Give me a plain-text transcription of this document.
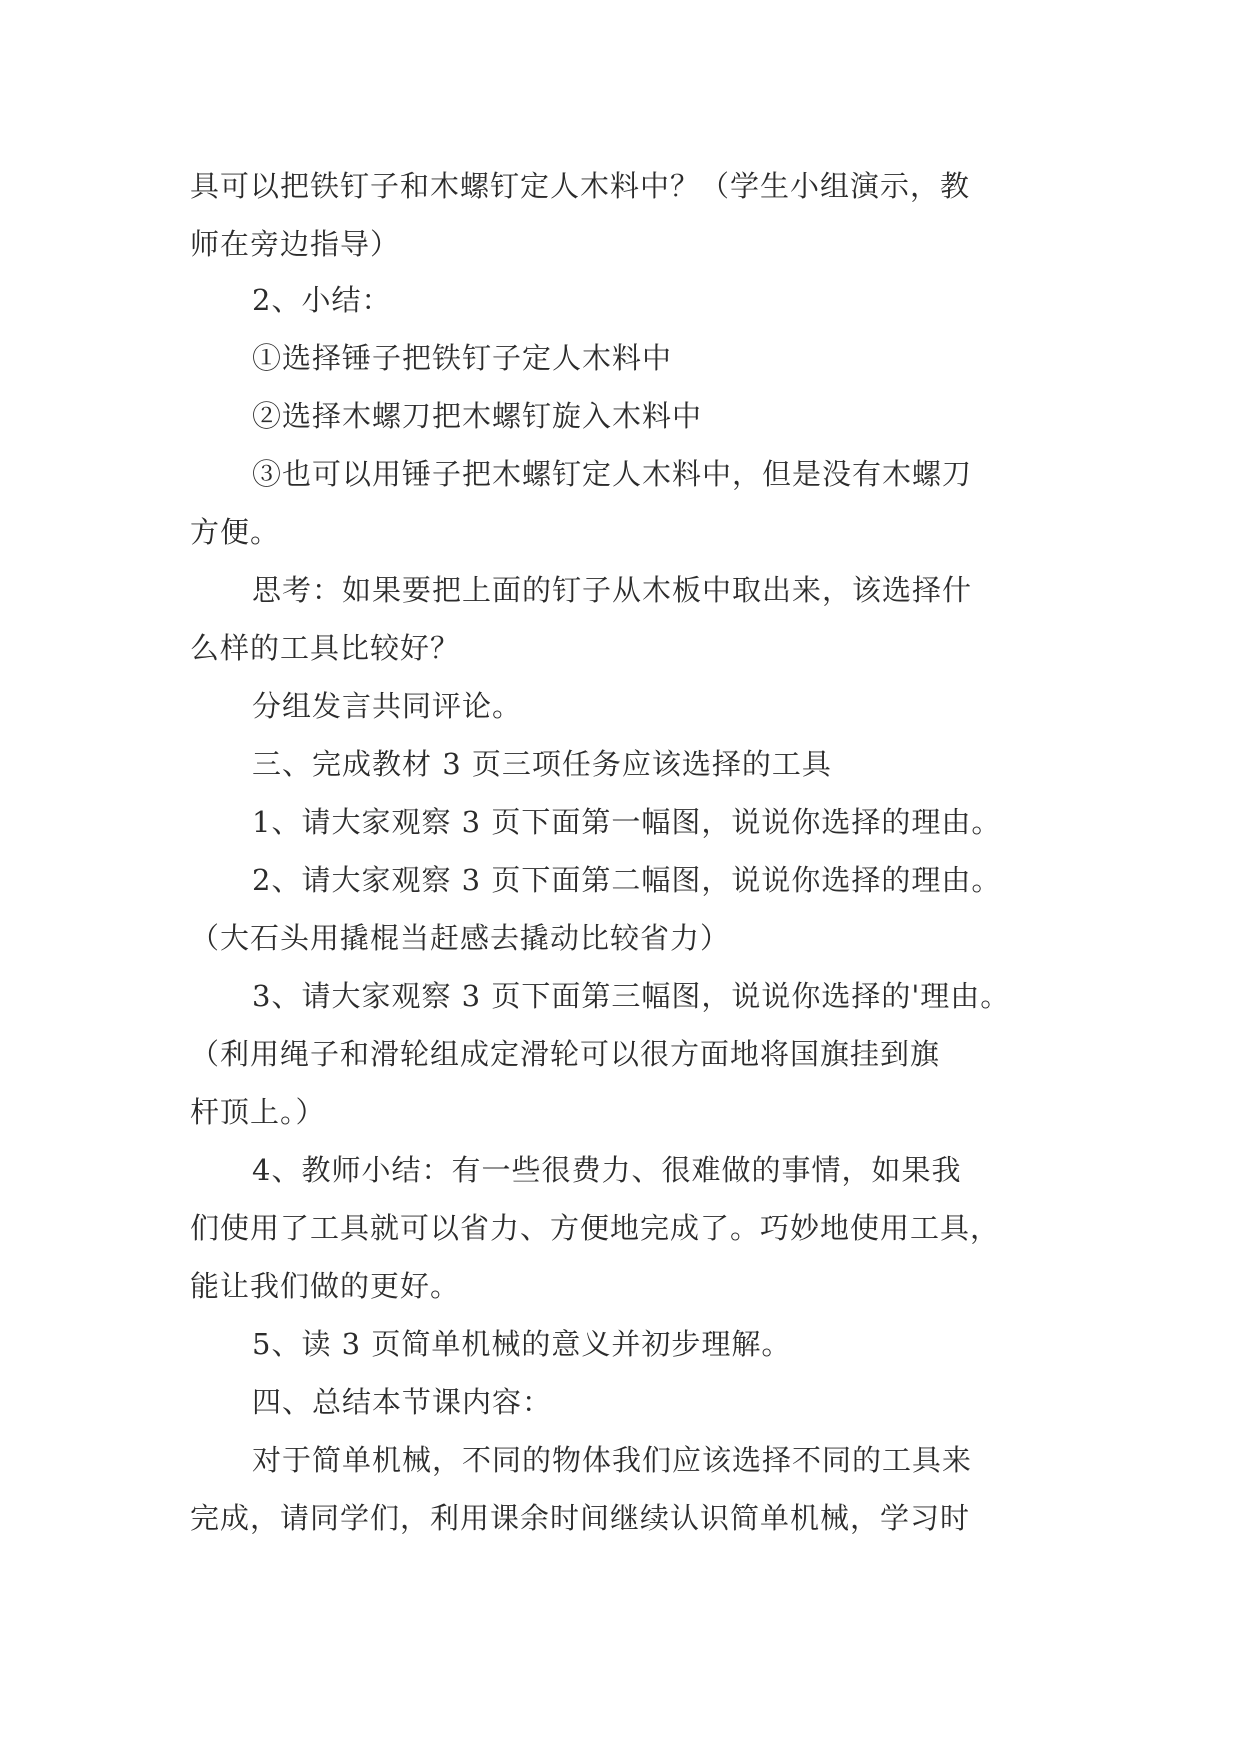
具可以把铁钉子和木螺钉定人木料中？（学生小组演示，教
师在旁边指导）
2、小结：
①选择锤子把铁钉子定人木料中
②选择木螺刀把木螺钉旋入木料中
③也可以用锤子把木螺钉定人木料中，但是没有木螺刀
方便。
思考：如果要把上面的钉子从木板中取出来，该选择什
么样的工具比较好？
分组发言共同评论。
三、完成教材 3 页三项任务应该选择的工具
1、请大家观察 3 页下面第一幅图，说说你选择的理由。
2、请大家观察 3 页下面第二幅图，说说你选择的理由。
（大石头用撬棍当赶感去撬动比较省力）
3、请大家观察 3 页下面第三幅图，说说你选择的'理由。
（利用绳子和滑轮组成定滑轮可以很方面地将国旗挂到旗
杆顶上。）
4、教师小结：有一些很费力、很难做的事情，如果我
们使用了工具就可以省力、方便地完成了。巧妙地使用工具，
能让我们做的更好。
5、读 3 页简单机械的意义并初步理解。
四、总结本节课内容：
对于简单机械，不同的物体我们应该选择不同的工具来
完成，请同学们，利用课余时间继续认识简单机械，学习时
